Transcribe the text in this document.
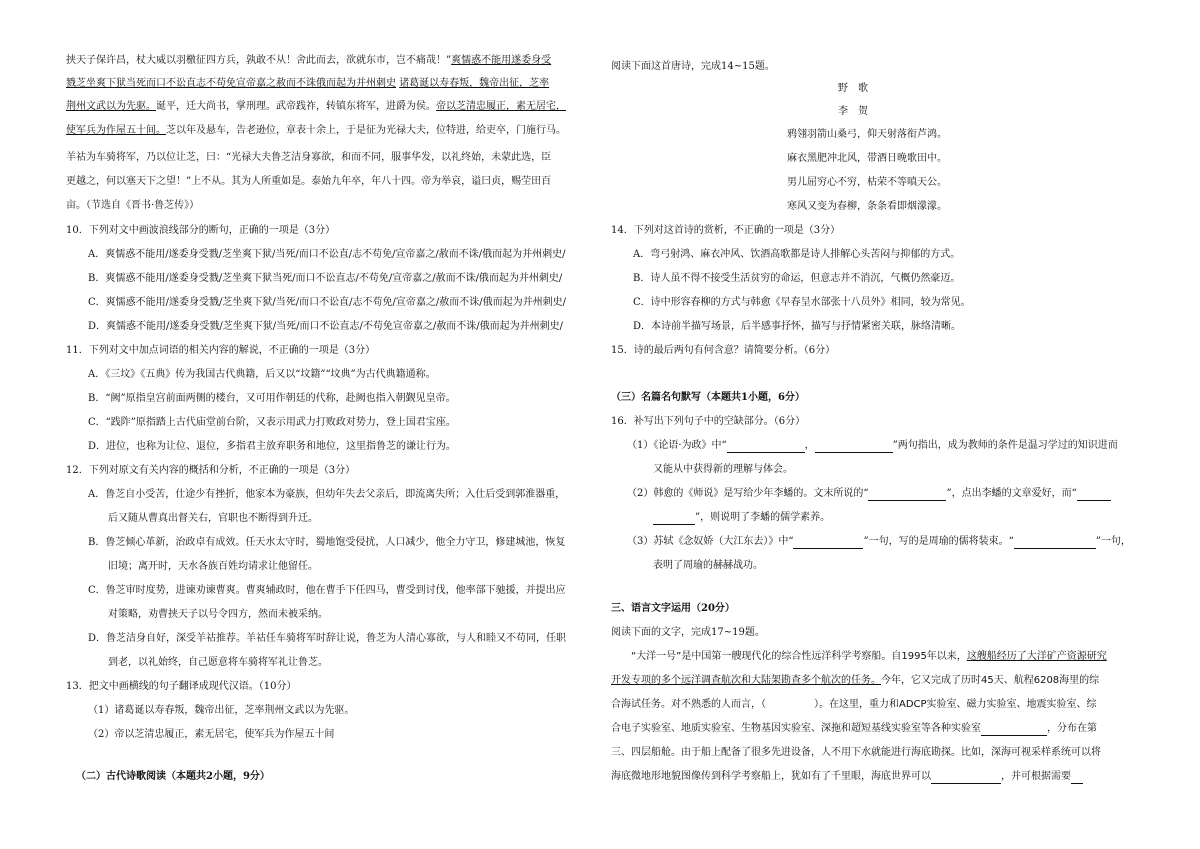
挟天子保许昌，杖大威以羽檄征四方兵，孰敢不从！舍此而去，欲就东市，岂不痛哉！”爽懦惑不能用遂委身受
戮芝坐爽下狱当死而口不讼直志不苟免宣帝嘉之赦而不诛俄而起为并州刺史 诸葛诞以寿春叛，魏帝出征，芝率
荆州文武以为先驱。诞平，迁大尚书，掌刑理。武帝践祚，转镇东将军，进爵为侯。帝以芝清忠履正，素无居宅，
使军兵为作屋五十间。芝以年及悬车，告老逊位，章表十余上，于是征为光禄大夫，位特进，给吏卒，门施行马。
羊祜为车骑将军，乃以位让芝，曰：“光禄大夫鲁芝洁身寡欲，和而不同，服事华发，以礼终始，未蒙此选，臣
更越之，何以塞天下之望！”上不从。其为人所重如是。泰始九年卒，年八十四。帝为举哀，谥曰贞，赐茔田百
亩。（节选自《晋书·鲁芝传》）
10．下列对文中画波浪线部分的断句，正确的一项是（3分）
A．爽懦惑不能用/遂委身受戮/芝坐爽下狱/当死/而口不讼直/志不苟免/宣帝嘉之/赦而不诛/俄而起为并州刺史/
B．爽懦惑不能用/遂委身受戮/芝坐爽下狱当死/而口不讼直志/不苟免/宣帝嘉之/赦而不诛/俄而起为并州刺史/
C．爽懦惑不能用/遂委身受戮/芝坐爽下狱/当死/而口不讼直/志不苟免/宣帝嘉之/赦而不诛/俄而起为并州刺史/
D．爽懦惑不能用/遂委身受戮/芝坐爽下狱/当死/而口不讼直志/不苟免宣帝嘉之/赦而不诛/俄而起为并州刺史/
11．下列对文中加点词语的相关内容的解说，不正确的一项是（3分）
A．《三坟》《五典》传为我国古代典籍，后又以“坟籍”“坟典”为古代典籍通称。
B．“阙”原指皇宫前面两侧的楼台，又可用作朝廷的代称，赴阙也指入朝觐见皇帝。
C．“践阼”原指踏上古代庙堂前台阶，又表示用武力打败政对势力，登上国君宝座。
D．进位，也称为让位、退位，多指君主放弃职务和地位，这里指鲁芝的谦让行为。
12．下列对原文有关内容的概括和分析，不正确的一项是（3分）
A．鲁芝自小受苦，仕途少有挫折，他家本为豪族，但幼年失去父亲后，即流离失所；入仕后受到郭淮器重，
后又随从曹真出督关右，官职也不断得到升迁。
B．鲁芝倾心革新，治政卓有成效。任天水太守时，蜀地饱受侵扰，人口减少，他全力守卫，修建城池，恢复
旧境；离开时，天水各族百姓均请求让他留任。
C．鲁芝审时度势，进谏劝谏曹爽。曹爽辅政时，他在曹手下任四马，曹受到讨伐，他率部下驰援，并提出应
对策略，劝曹挟天子以号令四方，然而未被采纳。
D．鲁芝洁身自好，深受羊祜推荐。羊祜任车骑将军时辞让说，鲁芝为人清心寡欲，与人和睦又不苟同，任职
到老，以礼始终，自己愿意将车骑将军礼让鲁芝。
13．把文中画横线的句子翻译成现代汉语。（10分）
（1）诸葛诞以寿春叛，魏帝出征，芝率荆州文武以为先驱。
（2）帝以芝清忠履正，素无居宅，使军兵为作屋五十间
（二）古代诗歌阅读（本题共2小题，9分）
阅读下面这首唐诗，完成14~15题。
野　歌
李　贺
鸦翎羽箭山桑弓，仰天射落衔芦鸿。
麻衣黑肥冲北风，带酒日晚歌田中。
男儿屈穷心不穷，枯荣不等嗔天公。
寒风又变为春柳，条条看即烟濛濛。
14．下列对这首诗的赏析，不正确的一项是（3分）
A．弯弓射鸿、麻衣冲风、饮酒高歌都是诗人排解心头苦闷与抑郁的方式。
B．诗人虽不得不接受生活贫穷的命运，但意志并不消沉，气概仍然豪迈。
C．诗中形容春柳的方式与韩愈《早春呈水部张十八员外》相同，较为常见。
D．本诗前半描写场景，后半感事抒怀，描写与抒情紧密关联，脉络清晰。
15．诗的最后两句有何含意？请简要分析。（6分）
（三）名篇名句默写（本题共1小题，6分）
16．补写出下列句子中的空缺部分。（6分）
（1）《论语·为政》中“	，	”两句指出，成为教师的条件是温习学过的知识进而
又能从中获得新的理解与体会。
（2）韩愈的《师说》是写给少年李蟠的。文末所说的“	”，点出李蟠的文章爱好，而“
”，则说明了李蟠的儒学素养。
（3）苏轼《念奴娇（大江东去）》中“	”一句，写的是周瑜的儒将装束。“	”一句，
表明了周瑜的赫赫战功。
三、语言文字运用（20分）
阅读下面的文字，完成17~19题。
“大洋一号”是中国第一艘现代化的综合性远洋科学考察船。自1995年以来，这艘船经历了大洋矿产资源研究
开发专项的多个远洋调查航次和大陆架勘查多个航次的任务。今年，它又完成了历时45天、航程6208海里的综
合海试任务。对不熟悉的人而言，（	）。在这里，重力和ADCP实验室、磁力实验室、地震实验室、综
合电子实验室、地质实验室、生物基因实验室、深拖和超短基线实验室等各种实验室	，分布在第
三、四层船舱。由于船上配备了很多先进设备，人不用下水就能进行海底勘探。比如，深海可视采样系统可以将
海底微地形地貌图像传到科学考察船上，犹如有了千里眼，海底世界可以	，并可根据需要
